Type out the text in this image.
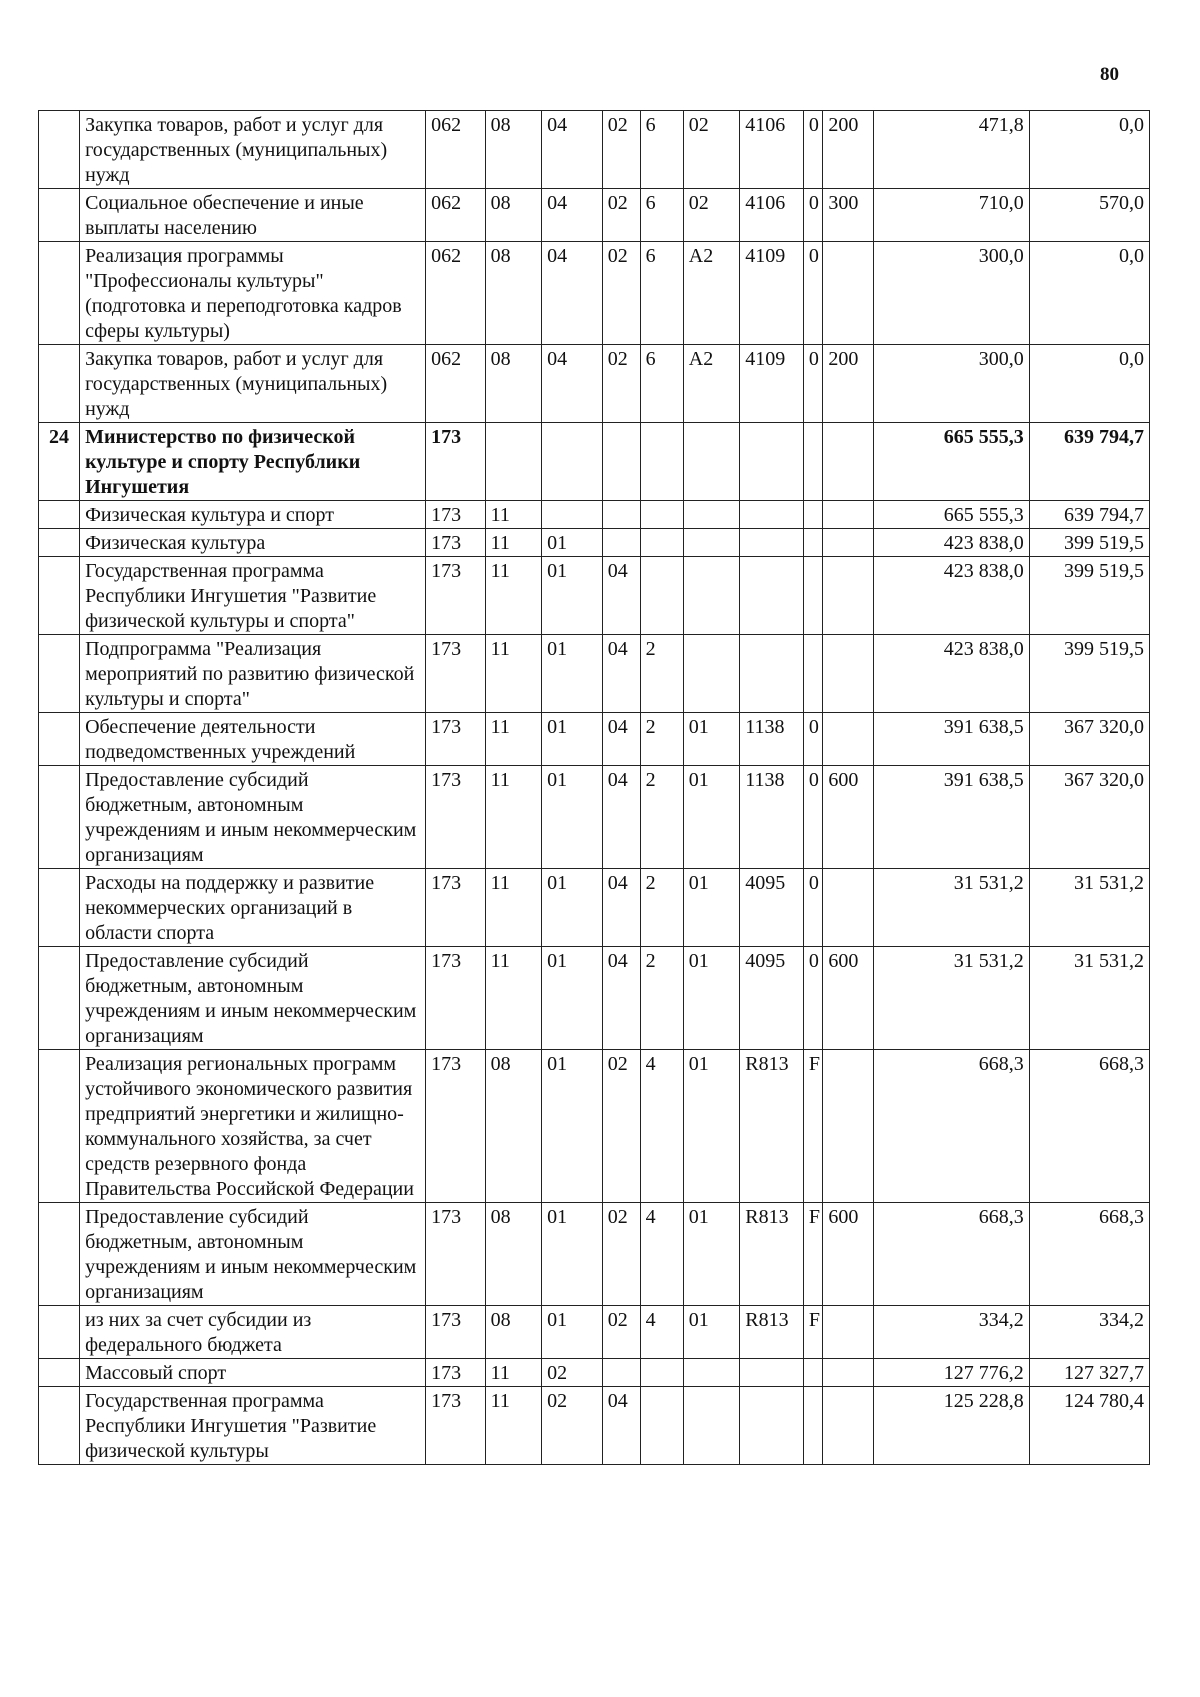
80
	Закупка товаров, работ и услуг для государственных (муниципальных) нужд	062	08	04	02	6	02	4106	0	200	471,8	0,0
	Социальное обеспечение и иные выплаты населению	062	08	04	02	6	02	4106	0	300	710,0	570,0
	Реализация программы "Профессионалы культуры" (подготовка и переподготовка кадров сферы культуры)	062	08	04	02	6	А2	4109	0		300,0	0,0
	Закупка товаров, работ и услуг для государственных (муниципальных) нужд	062	08	04	02	6	А2	4109	0	200	300,0	0,0
24	Министерство по физической культуре и спорту Республики Ингушетия	173									665 555,3	639 794,7
	Физическая культура и спорт	173	11								665 555,3	639 794,7
	Физическая культура	173	11	01							423 838,0	399 519,5
	Государственная программа Республики Ингушетия "Развитие физической культуры и спорта"	173	11	01	04						423 838,0	399 519,5
	Подпрограмма "Реализация мероприятий по развитию физической культуры и спорта"	173	11	01	04	2					423 838,0	399 519,5
	Обеспечение деятельности подведомственных учреждений	173	11	01	04	2	01	1138	0		391 638,5	367 320,0
	Предоставление субсидий бюджетным, автономным учреждениям и иным некоммерческим организациям	173	11	01	04	2	01	1138	0	600	391 638,5	367 320,0
	Расходы на поддержку и развитие некоммерческих организаций в области спорта	173	11	01	04	2	01	4095	0		31 531,2	31 531,2
	Предоставление субсидий бюджетным, автономным учреждениям и иным некоммерческим организациям	173	11	01	04	2	01	4095	0	600	31 531,2	31 531,2
	Реализация региональных программ устойчивого экономического развития предприятий энергетики и жилищно-коммунального хозяйства, за счет средств резервного фонда Правительства Российской Федерации	173	08	01	02	4	01	R813	F		668,3	668,3
	Предоставление субсидий бюджетным, автономным учреждениям и иным некоммерческим организациям	173	08	01	02	4	01	R813	F	600	668,3	668,3
	из них за счет субсидии из федерального бюджета	173	08	01	02	4	01	R813	F		334,2	334,2
	Массовый спорт	173	11	02							127 776,2	127 327,7
	Государственная программа Республики Ингушетия "Развитие физической культуры	173	11	02	04						125 228,8	124 780,4
